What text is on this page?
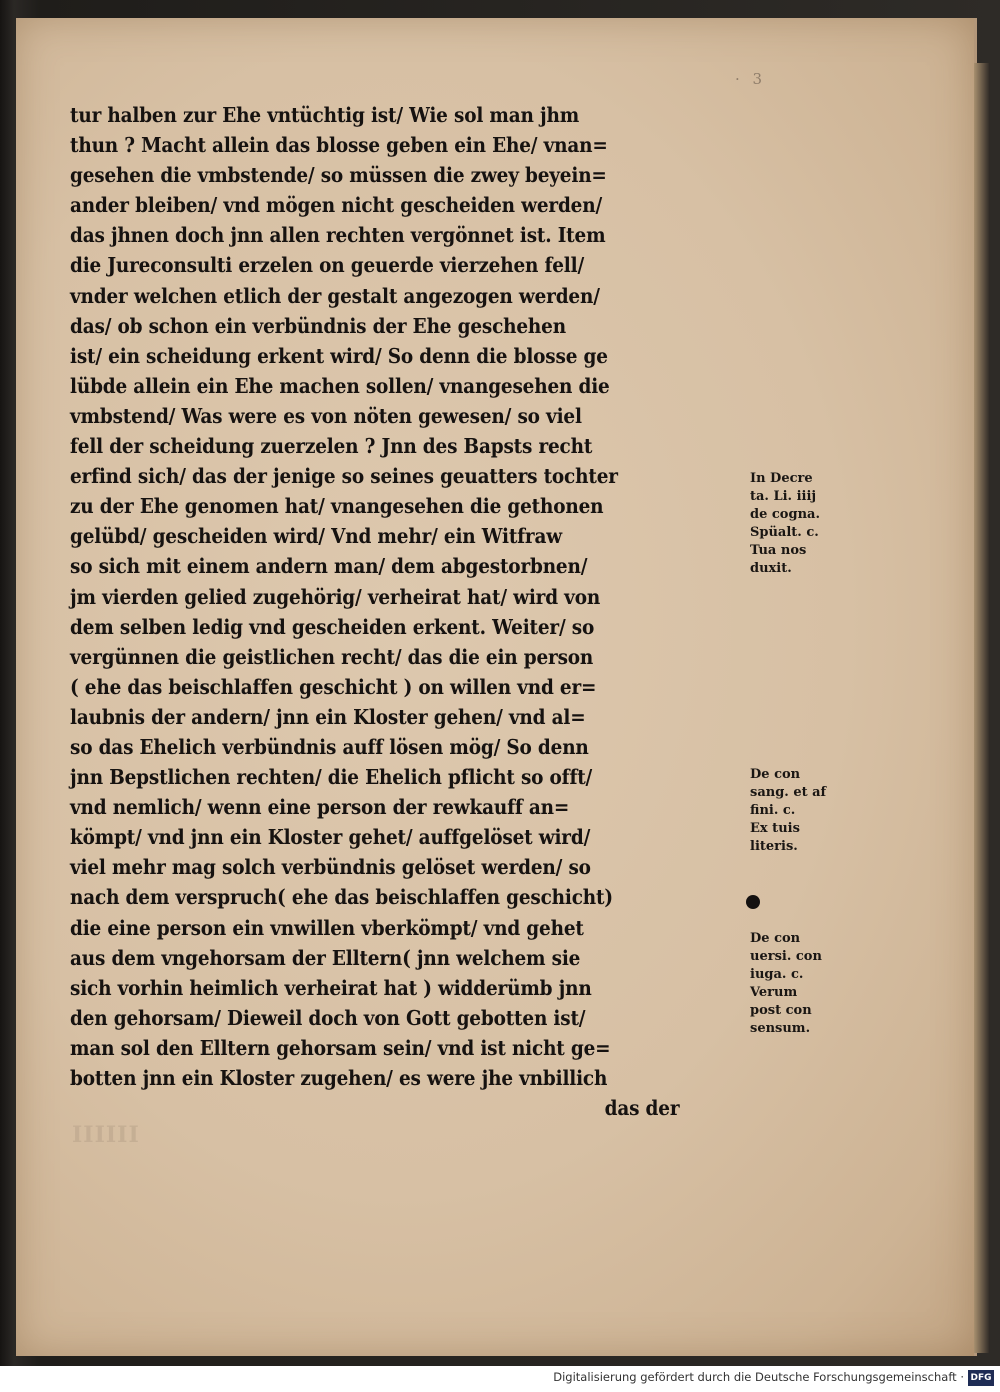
· 3
tur halben zur Ehe vntüchtig ist/ Wie sol man jhm
thun ? Macht allein das blosse geben ein Ehe/ vnan=
gesehen die vmbstende/ so müssen die zwey beyein=
ander bleiben/ vnd mögen nicht gescheiden werden/
das jhnen doch jnn allen rechten vergönnet ist. Item
die Jureconsulti erzelen on geuerde vierzehen fell/
vnder welchen etlich der gestalt angezogen werden/
das/ ob schon ein verbündnis der Ehe geschehen
ist/ ein scheidung erkent wird/ So denn die blosse ge
lübde allein ein Ehe machen sollen/ vnangesehen die
vmbstend/ Was were es von nöten gewesen/ so viel
fell der scheidung zuerzelen ? Jnn des Bapsts recht
erfind sich/ das der jenige so seines geuatters tochter
zu der Ehe genomen hat/ vnangesehen die gethonen
gelübd/ gescheiden wird/ Vnd mehr/ ein Witfraw
so sich mit einem andern man/ dem abgestorbnen/
jm vierden gelied zugehörig/ verheirat hat/ wird von
dem selben ledig vnd gescheiden erkent. Weiter/ so
vergünnen die geistlichen recht/ das die ein person
( ehe das beischlaffen geschicht ) on willen vnd er=
laubnis der andern/ jnn ein Kloster gehen/ vnd al=
so das Ehelich verbündnis auff lösen mög/ So denn
jnn Bepstlichen rechten/ die Ehelich pflicht so offt/
vnd nemlich/ wenn eine person der rewkauff an=
kömpt/ vnd jnn ein Kloster gehet/ auffgelöset wird/
viel mehr mag solch verbündnis gelöset werden/ so
nach dem verspruch( ehe das beischlaffen geschicht)
die eine person ein vnwillen vberkömpt/ vnd gehet
aus dem vngehorsam der Elltern( jnn welchem sie
sich vorhin heimlich verheirat hat ) widderümb jnn
den gehorsam/ Dieweil doch von Gott gebotten ist/
man sol den Elltern gehorsam sein/ vnd ist nicht ge=
botten jnn ein Kloster zugehen/ es were jhe vnbillich
das der
In Decre
ta. Li. iiij
de cogna.
Spüalt. c.
Tua nos
duxit.
De con
sang. et af
fini. c.
Ex tuis
literis.
De con
uersi. con
iuga. c.
Verum
post con
sensum.
IIIIII
Digitalisierung gefördert durch die Deutsche Forschungsgemeinschaft · DFG
